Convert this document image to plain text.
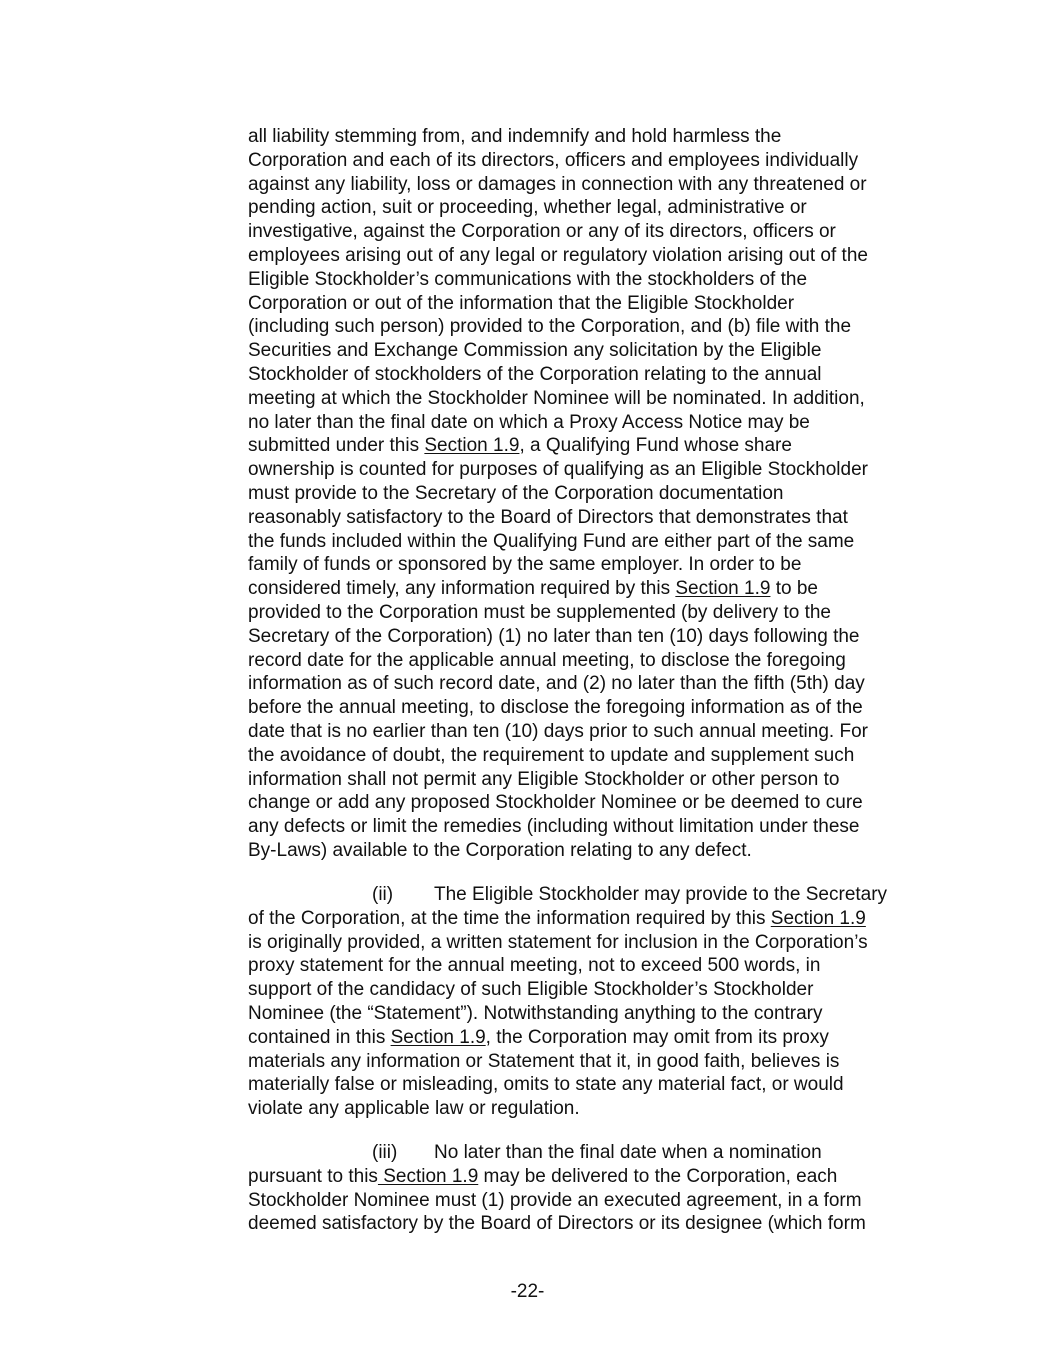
all liability stemming from, and indemnify and hold harmless the
Corporation and each of its directors, officers and employees individually
against any liability, loss or damages in connection with any threatened or
pending action, suit or proceeding, whether legal, administrative or
investigative, against the Corporation or any of its directors, officers or
employees arising out of any legal or regulatory violation arising out of the
Eligible Stockholder’s communications with the stockholders of the
Corporation or out of the information that the Eligible Stockholder
(including such person) provided to the Corporation, and (b) file with the
Securities and Exchange Commission any solicitation by the Eligible
Stockholder of stockholders of the Corporation relating to the annual
meeting at which the Stockholder Nominee will be nominated. In addition,
no later than the final date on which a Proxy Access Notice may be
submitted under this Section 1.9, a Qualifying Fund whose share
ownership is counted for purposes of qualifying as an Eligible Stockholder
must provide to the Secretary of the Corporation documentation
reasonably satisfactory to the Board of Directors that demonstrates that
the funds included within the Qualifying Fund are either part of the same
family of funds or sponsored by the same employer. In order to be
considered timely, any information required by this Section 1.9 to be
provided to the Corporation must be supplemented (by delivery to the
Secretary of the Corporation) (1) no later than ten (10) days following the
record date for the applicable annual meeting, to disclose the foregoing
information as of such record date, and (2) no later than the fifth (5th) day
before the annual meeting, to disclose the foregoing information as of the
date that is no earlier than ten (10) days prior to such annual meeting. For
the avoidance of doubt, the requirement to update and supplement such
information shall not permit any Eligible Stockholder or other person to
change or add any proposed Stockholder Nominee or be deemed to cure
any defects or limit the remedies (including without limitation under these
By-Laws) available to the Corporation relating to any defect.
(ii) The Eligible Stockholder may provide to the Secretary
of the Corporation, at the time the information required by this Section 1.9
is originally provided, a written statement for inclusion in the Corporation’s
proxy statement for the annual meeting, not to exceed 500 words, in
support of the candidacy of such Eligible Stockholder’s Stockholder
Nominee (the “Statement”). Notwithstanding anything to the contrary
contained in this Section 1.9, the Corporation may omit from its proxy
materials any information or Statement that it, in good faith, believes is
materially false or misleading, omits to state any material fact, or would
violate any applicable law or regulation.
(iii) No later than the final date when a nomination
pursuant to this Section 1.9 may be delivered to the Corporation, each
Stockholder Nominee must (1) provide an executed agreement, in a form
deemed satisfactory by the Board of Directors or its designee (which form
-22-
